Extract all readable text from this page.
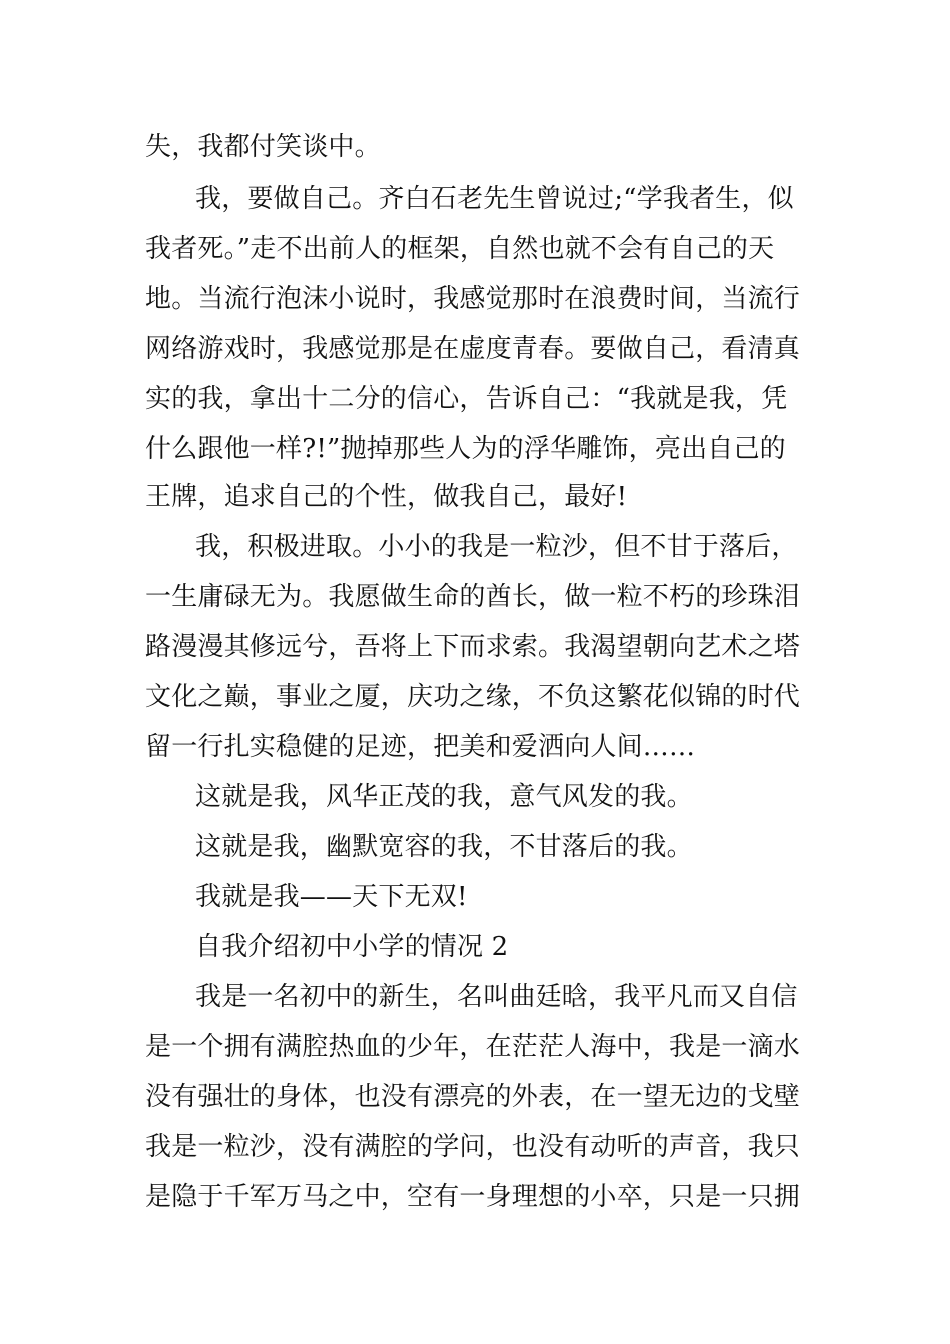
失，我都付笑谈中。
我，要做自己。齐白石老先生曾说过;“学我者生，似
我者死。”走不出前人的框架，自然也就不会有自己的天
地。当流行泡沫小说时，我感觉那时在浪费时间，当流行
网络游戏时，我感觉那是在虚度青春。要做自己，看清真
实的我，拿出十二分的信心，告诉自己：“我就是我，凭
什么跟他一样?!”抛掉那些人为的浮华雕饰，亮出自己的
王牌，追求自己的个性，做我自己，最好!
我，积极进取。小小的我是一粒沙，但不甘于落后，
一生庸碌无为。我愿做生命的酋长，做一粒不朽的珍珠泪
路漫漫其修远兮，吾将上下而求索。我渴望朝向艺术之塔
文化之巅，事业之厦，庆功之缘，不负这繁花似锦的时代
留一行扎实稳健的足迹，把美和爱洒向人间……
这就是我，风华正茂的我，意气风发的我。
这就是我，幽默宽容的我，不甘落后的我。
我就是我——天下无双!
自我介绍初中小学的情况 2
我是一名初中的新生，名叫曲廷晗，我平凡而又自信
是一个拥有满腔热血的少年，在茫茫人海中，我是一滴水
没有强壮的身体，也没有漂亮的外表，在一望无边的戈壁
我是一粒沙，没有满腔的学问，也没有动听的声音，我只
是隐于千军万马之中，空有一身理想的小卒，只是一只拥
